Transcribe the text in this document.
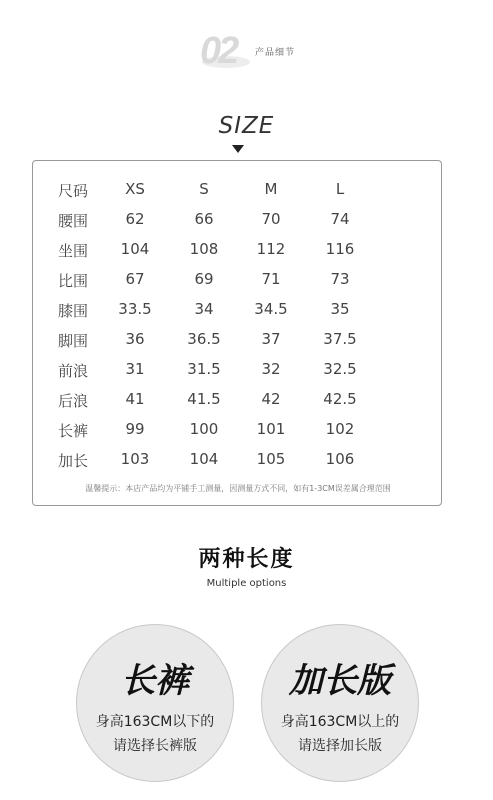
02 产品细节
SIZE
尺码	XS	S	M	L
腰围	62	66	70	74
坐围	104	108	112	116
比围	67	69	71	73
膝围	33.5	34	34.5	35
脚围	36	36.5	37	37.5
前浪	31	31.5	32	32.5
后浪	41	41.5	42	42.5
长裤	99	100	101	102
加长	103	104	105	106
温馨提示：本店产品均为平铺手工测量，因测量方式不同，如有1-3CM误差属合理范围
两种长度
Multiple options
长裤
身高163CM以下的
请选择长裤版
加长版
身高163CM以上的
请选择加长版
